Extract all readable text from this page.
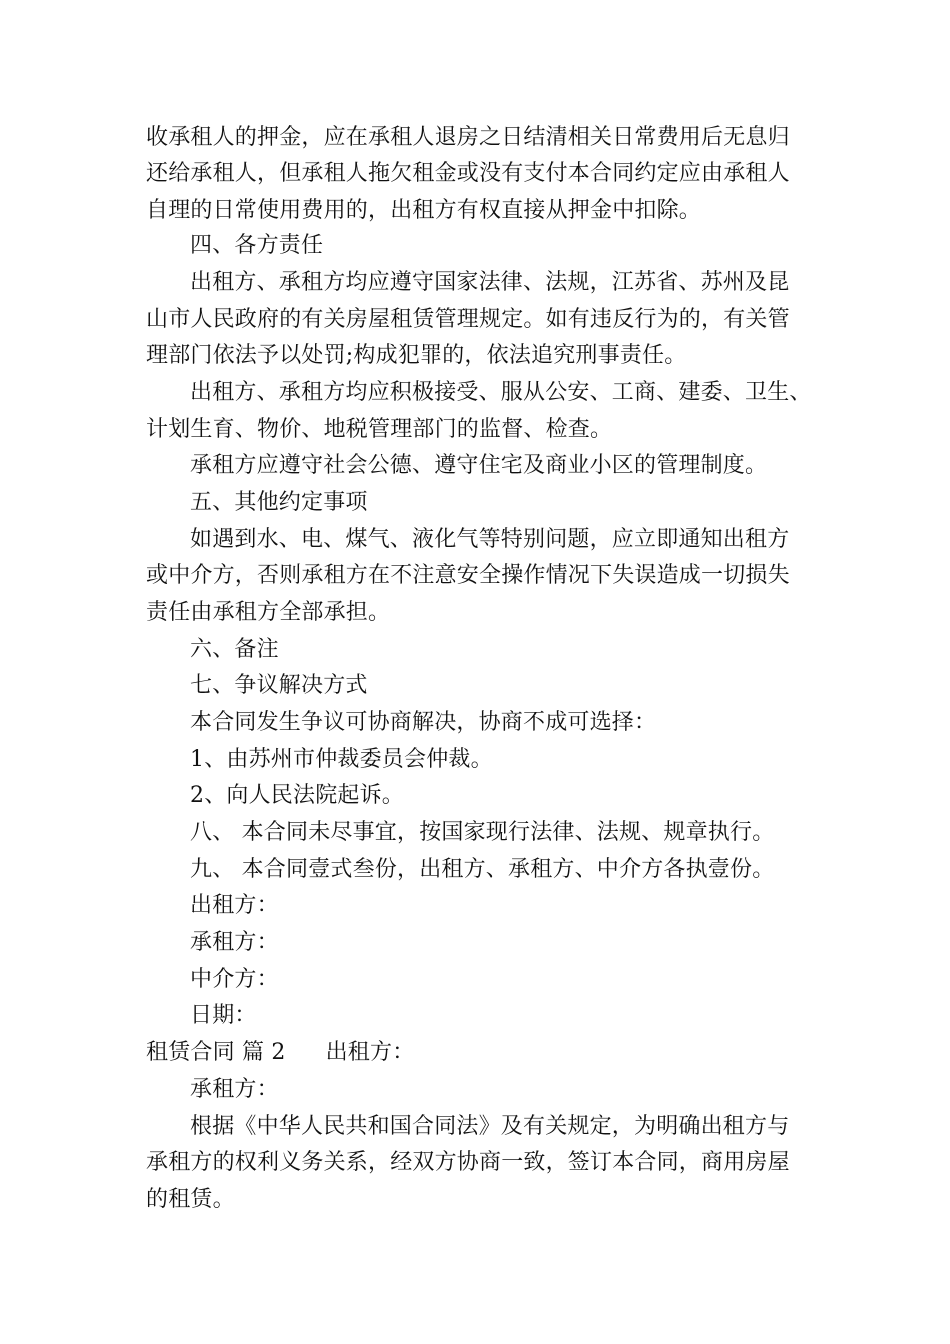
收承租人的押金，应在承租人退房之日结清相关日常费用后无息归
还给承租人，但承租人拖欠租金或没有支付本合同约定应由承租人
自理的日常使用费用的，出租方有权直接从押金中扣除。
四、各方责任
出租方、承租方均应遵守国家法律、法规，江苏省、苏州及昆
山市人民政府的有关房屋租赁管理规定。如有违反行为的，有关管
理部门依法予以处罚;构成犯罪的，依法追究刑事责任。
出租方、承租方均应积极接受、服从公安、工商、建委、卫生、
计划生育、物价、地税管理部门的监督、检查。
承租方应遵守社会公德、遵守住宅及商业小区的管理制度。
五、其他约定事项
如遇到水、电、煤气、液化气等特别问题，应立即通知出租方
或中介方，否则承租方在不注意安全操作情况下失误造成一切损失
责任由承租方全部承担。
六、备注
七、争议解决方式
本合同发生争议可协商解决，协商不成可选择：
1、由苏州市仲裁委员会仲裁。
2、向人民法院起诉。
八、 本合同未尽事宜，按国家现行法律、法规、规章执行。
九、 本合同壹式叁份，出租方、承租方、中介方各执壹份。
出租方：
承租方：
中介方：
日期：
租赁合同 篇 2 出租方：
承租方：
根据《中华人民共和国合同法》及有关规定，为明确出租方与
承租方的权利义务关系，经双方协商一致，签订本合同，商用房屋
的租赁。
